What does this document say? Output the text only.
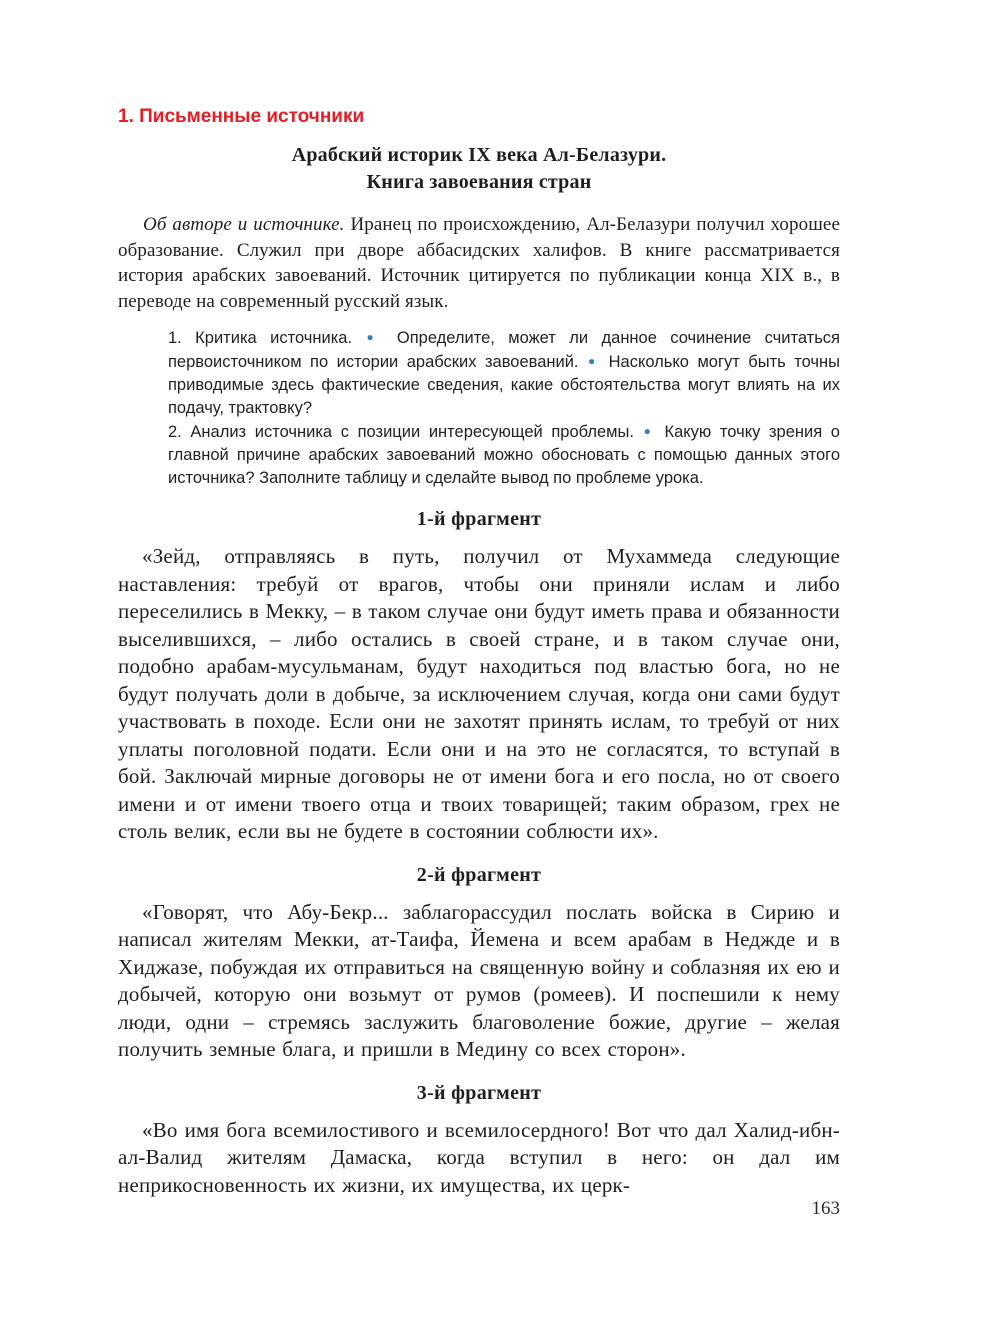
1. Письменные источники
Арабский историк IX века Ал-Белазури.
Книга завоевания стран

Об авторе и источнике. Иранец по происхождению, Ал-Белазури получил хорошее образование. Служил при дворе аббасидских халифов. В книге рассматривается история арабских завоеваний. Источник цитируется по публикации конца XIX в., в переводе на современный русский язык.

1. Критика источника. ● Определите, может ли данное сочинение считаться первоисточником по истории арабских завоеваний. ● Насколько могут быть точны приводимые здесь фактические сведения, какие обстоятельства могут влиять на их подачу, трактовку?

2. Анализ источника с позиции интересующей проблемы. ● Какую точку зрения о главной причине арабских завоеваний можно обосновать с помощью данных этого источника? Заполните таблицу и сделайте вывод по проблеме урока.

1-й фрагмент

«Зейд, отправляясь в путь, получил от Мухаммеда следующие наставления: требуй от врагов, чтобы они приняли ислам и либо переселились в Мекку, – в таком случае они будут иметь права и обязанности выселившихся, – либо остались в своей стране, и в таком случае они, подобно арабам-мусульманам, будут находиться под властью бога, но не будут получать доли в добыче, за исключением случая, когда они сами будут участвовать в походе. Если они не захотят принять ислам, то требуй от них уплаты поголовной подати. Если они и на это не согласятся, то вступай в бой. Заключай мирные договоры не от имени бога и его посла, но от своего имени и от имени твоего отца и твоих товарищей; таким образом, грех не столь велик, если вы не будете в состоянии соблюсти их».

2-й фрагмент

«Говорят, что Абу-Бекр... заблагорассудил послать войска в Сирию и написал жителям Мекки, ат-Таифа, Йемена и всем арабам в Неджде и в Хиджазе, побуждая их отправиться на священную войну и соблазняя их ею и добычей, которую они возьмут от румов (ромеев). И поспешили к нему люди, одни – стремясь заслужить благоволение божие, другие – желая получить земные блага, и пришли в Медину со всех сторон».

3-й фрагмент

«Во имя бога всемилостивого и всемилосердного! Вот что дал Халид-ибн-ал-Валид жителям Дамаска, когда вступил в него: он дал им неприкосновенность их жизни, их имущества, их церк-

163
